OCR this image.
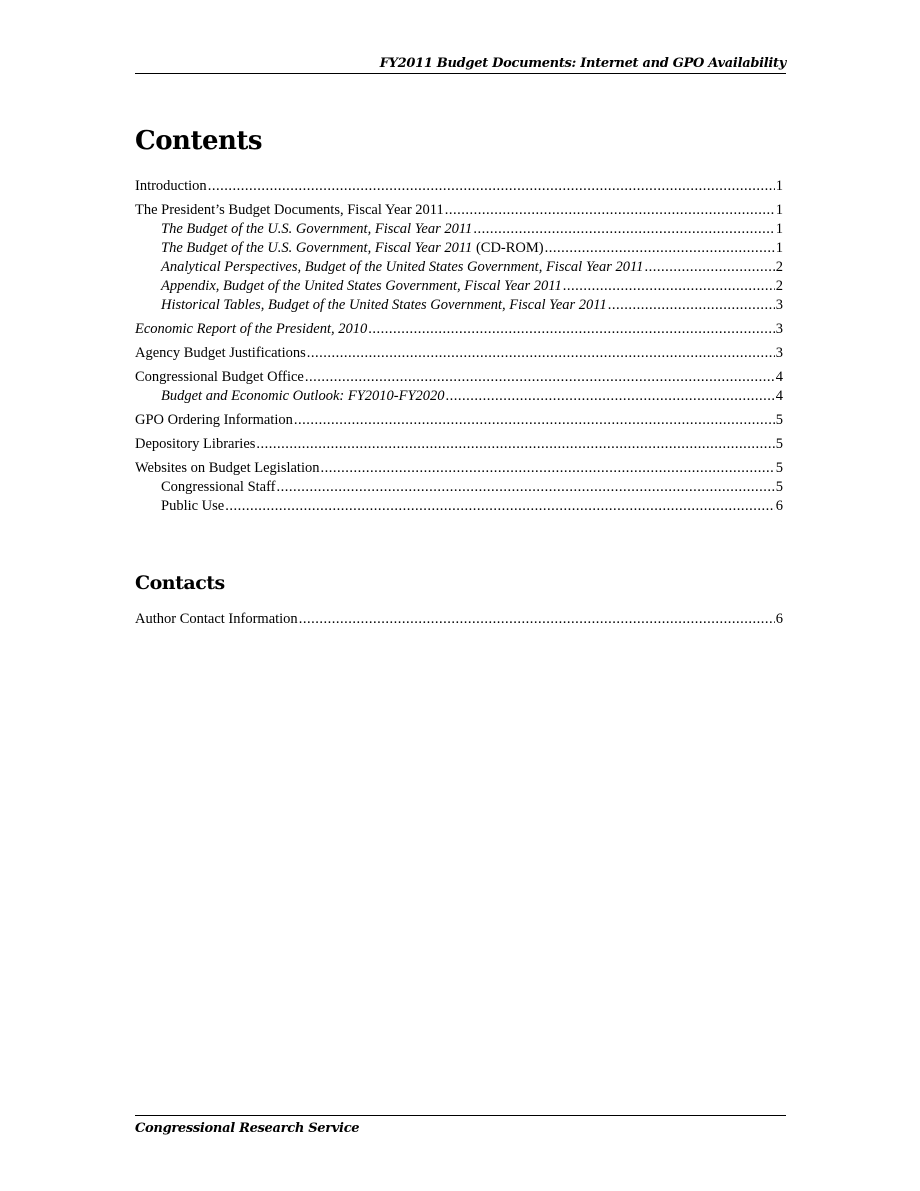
FY2011 Budget Documents: Internet and GPO Availability
Contents
Introduction .....	1
The President’s Budget Documents, Fiscal Year 2011 .....	1
The Budget of the U.S. Government, Fiscal Year 2011 .....	1
The Budget of the U.S. Government, Fiscal Year 2011 (CD-ROM) .....	1
Analytical Perspectives, Budget of the United States Government, Fiscal Year 2011 .....	2
Appendix, Budget of the United States Government, Fiscal Year 2011 .....	2
Historical Tables, Budget of the United States Government, Fiscal Year 2011 .....	3
Economic Report of the President, 2010 .....	3
Agency Budget Justifications .....	3
Congressional Budget Office .....	4
Budget and Economic Outlook: FY2010-FY2020 .....	4
GPO Ordering Information .....	5
Depository Libraries .....	5
Websites on Budget Legislation .....	5
Congressional Staff .....	5
Public Use .....	6
Contacts
Author Contact Information .....	6
Congressional Research Service
